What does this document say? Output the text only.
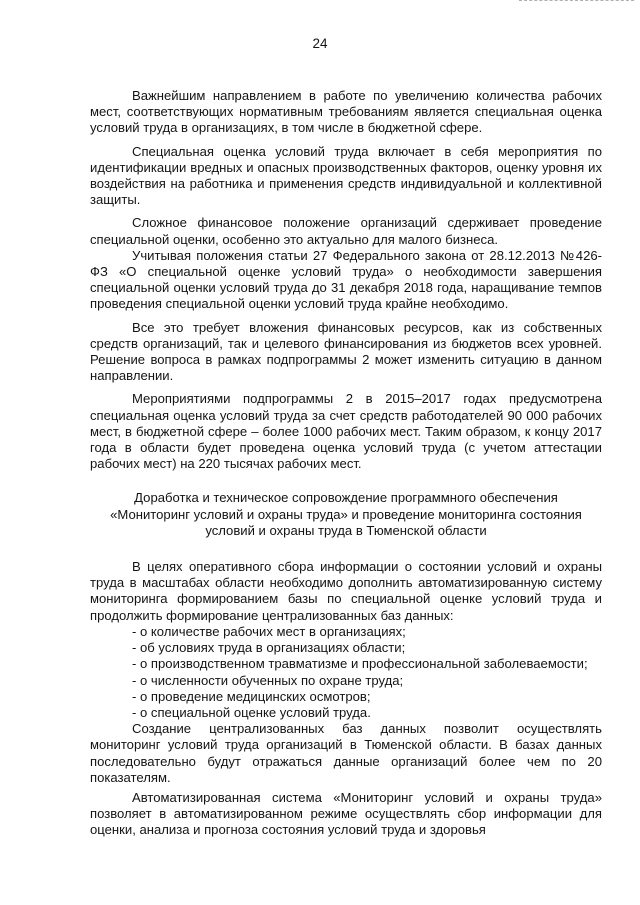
24

Важнейшим направлением в работе по увеличению количества рабочих мест, соответствующих нормативным требованиям является специальная оценка условий труда в организациях, в том числе в бюджетной сфере.

Специальная оценка условий труда включает в себя мероприятия по идентификации вредных и опасных производственных факторов, оценку уровня их воздействия на работника и применения средств индивидуальной и коллективной защиты.

Сложное финансовое положение организаций сдерживает проведение специальной оценки, особенно это актуально для малого бизнеса.

Учитывая положения статьи 27 Федерального закона от 28.12.2013 №426-ФЗ «О специальной оценке условий труда» о необходимости завершения специальной оценки условий труда до 31 декабря 2018 года, наращивание темпов проведения специальной оценки условий труда крайне необходимо.

Все это требует вложения финансовых ресурсов, как из собственных средств организаций, так и целевого финансирования из бюджетов всех уровней. Решение вопроса в рамках подпрограммы 2 может изменить ситуацию в данном направлении.

Мероприятиями подпрограммы 2 в 2015–2017 годах предусмотрена специальная оценка условий труда за счет средств работодателей 90 000 рабочих мест, в бюджетной сфере – более 1000 рабочих мест. Таким образом, к концу 2017 года в области будет проведена оценка условий труда (с учетом аттестации рабочих мест) на 220 тысячах рабочих мест.

Доработка и техническое сопровождение программного обеспечения «Мониторинг условий и охраны труда» и проведение мониторинга состояния условий и охраны труда в Тюменской области

В целях оперативного сбора информации о состоянии условий и охраны труда в масштабах области необходимо дополнить автоматизированную систему мониторинга формированием базы по специальной оценке условий труда и продолжить формирование централизованных баз данных:

- о количестве рабочих мест в организациях;

- об условиях труда в организациях области;

- о производственном травматизме и профессиональной заболеваемости;

- о численности обученных по охране труда;

- о проведение медицинских осмотров;

- о специальной оценке условий труда.

Создание централизованных баз данных позволит осуществлять мониторинг условий труда организаций в Тюменской области. В базах данных последовательно будут отражаться данные организаций более чем по 20 показателям.

Автоматизированная система «Мониторинг условий и охраны труда» позволяет в автоматизированном режиме осуществлять сбор информации для оценки, анализа и прогноза состояния условий труда и здоровья
